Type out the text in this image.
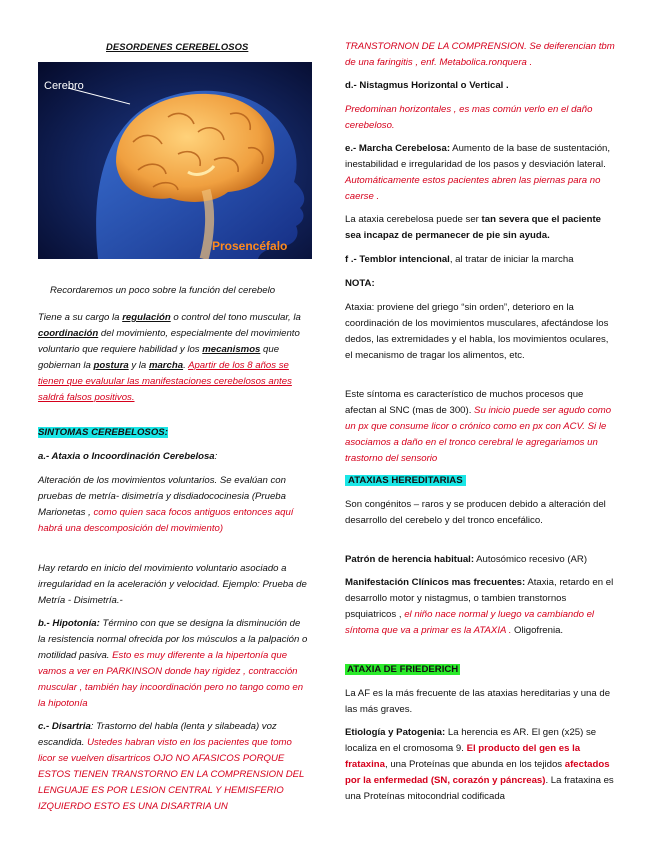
DESORDENES CEREBELOSOS
Cerebro
Prosencéfalo
Recordaremos un poco sobre la función del cerebelo

Tiene a su cargo la regulación o control del tono muscular, la coordinación del movimiento, especialmente del movimiento voluntario que requiere habilidad y los mecanismos que gobiernan la postura y la marcha. Apartir de los 8 años se tienen que evaluular las manifestaciones cerebelosos antes saldrá falsos positivos.

SINTOMAS CEREBELOSOS:

a.- Ataxia o Incoordinación Cerebelosa:

Alteración de los movimientos voluntarios. Se evalúan con pruebas de metría- disimetría y disdiadococinesia (Prueba Marionetas , como quien saca focos antiguos entonces aquí habrá una descomposición del movimiento)

Hay retardo en inicio del movimiento voluntario asociado a irregularidad en la aceleración y velocidad. Ejemplo: Prueba de Metría - Disimetría.-

b.- Hipotonía: Término con que se designa la disminución de la resistencia normal ofrecida por los músculos a la palpación o motilidad pasiva. Esto es muy diferente a la hipertonía que vamos a ver en PARKINSON donde hay rigidez , contracción muscular , también hay incoordinación pero no tango como en la hipotonía

c.- Disartria: Trastorno del habla (lenta y silabeada) voz escandida. Ustedes habran visto en los pacientes que tomo licor se vuelven disartricos OJO NO AFASICOS PORQUE ESTOS TIENEN TRANSTORNO EN LA COMPRENSION DEL LENGUAJE ES POR LESION CENTRAL Y HEMISFERIO IZQUIERDO ESTO ES UNA DISARTRIA UN

TRANSTORNON DE LA COMPRENSION. Se deiferencian tbm de una faringitis , enf. Metabolica.ronquera .

d.- Nistagmus Horizontal o Vertical .

Predominan horizontales , es mas común verlo en el daño cerebeloso.

e.- Marcha Cerebelosa: Aumento de la base de sustentación, inestabilidad e irregularidad de los pasos y desviación lateral. Automáticamente estos pacientes abren las piernas para no caerse .

La ataxia cerebelosa puede ser tan severa que el paciente sea incapaz de permanecer de pie sin ayuda.

f .- Temblor intencional, al tratar de iniciar la marcha

NOTA:

Ataxia: proviene del griego “sin orden”, deterioro en la coordinación de los movimientos musculares, afectándose los dedos, las extremidades y el habla, los movimientos oculares, el mecanismo de tragar los alimentos, etc.

Este síntoma es característico de muchos procesos que afectan al SNC (mas de 300). Su inicio puede ser agudo como un px que consume licor o crónico como en px con ACV. Si le asociamos a daño en el tronco cerebral le agregariamos un trastorno del sensorio

ATAXIAS HEREDITARIAS

Son congénitos – raros y se producen debido a alteración del desarrollo del cerebelo y del tronco encefálico.

Patrón de herencia habitual: Autosómico recesivo (AR)

Manifestación Clínicos mas frecuentes: Ataxia, retardo en el desarrollo motor y nistagmus, o tambien transtornos psquiatricos , el niño nace normal y luego va cambiando el síntoma que va a primar es la ATAXIA . Oligofrenia.

ATAXIA DE FRIEDERICH

La AF es la más frecuente de las ataxias hereditarias y una de las más graves.

Etiología y Patogenia: La herencia es AR. El gen (x25) se localiza en el cromosoma 9. El producto del gen es la frataxina, una Proteínas que abunda en los tejidos afectados por la enfermedad (SN, corazón y páncreas). La frataxina es una Proteínas mitocondrial codificada
